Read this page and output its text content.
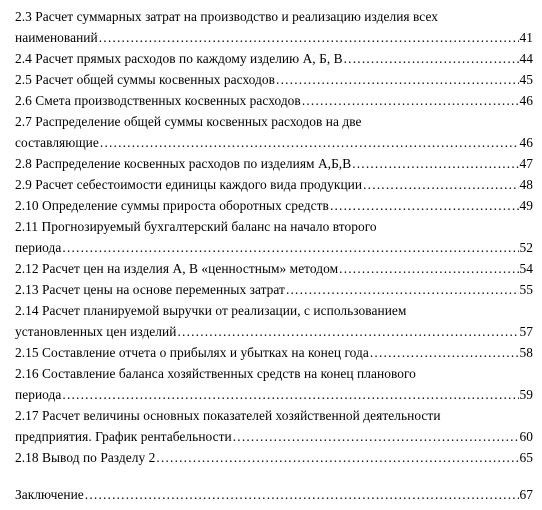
2.3 Расчет суммарных затрат на производство и реализацию изделия всех
наименований .....	41
2.4 Расчет прямых расходов по каждому изделию А, Б, В .....	44
2.5 Расчет общей суммы косвенных расходов .....	45
2.6 Смета производственных косвенных расходов .....	46
2.7 Распределение общей суммы косвенных расходов на две
составляющие .....	46
2.8 Распределение косвенных расходов по изделиям А,Б,В .....	47
2.9 Расчет себестоимости единицы каждого вида продукции .....	48
2.10 Определение суммы прироста оборотных средств .....	49
2.11 Прогнозируемый бухгалтерский баланс на начало второго
периода .....	52
2.12 Расчет цен на изделия А, В «ценностным» методом .....	54
2.13 Расчет цены на основе переменных затрат .....	55
2.14 Расчет планируемой выручки от реализации, с использованием
установленных цен изделий .....	57
2.15 Составление отчета о прибылях и убытках на конец года .....	58
2.16 Составление баланса хозяйственных средств на конец планового
периода .....	59
2.17 Расчет величины основных показателей хозяйственной деятельности
предприятия. График рентабельности .....	60
2.18 Вывод по Разделу 2 .....	65
Заключение .....	67
